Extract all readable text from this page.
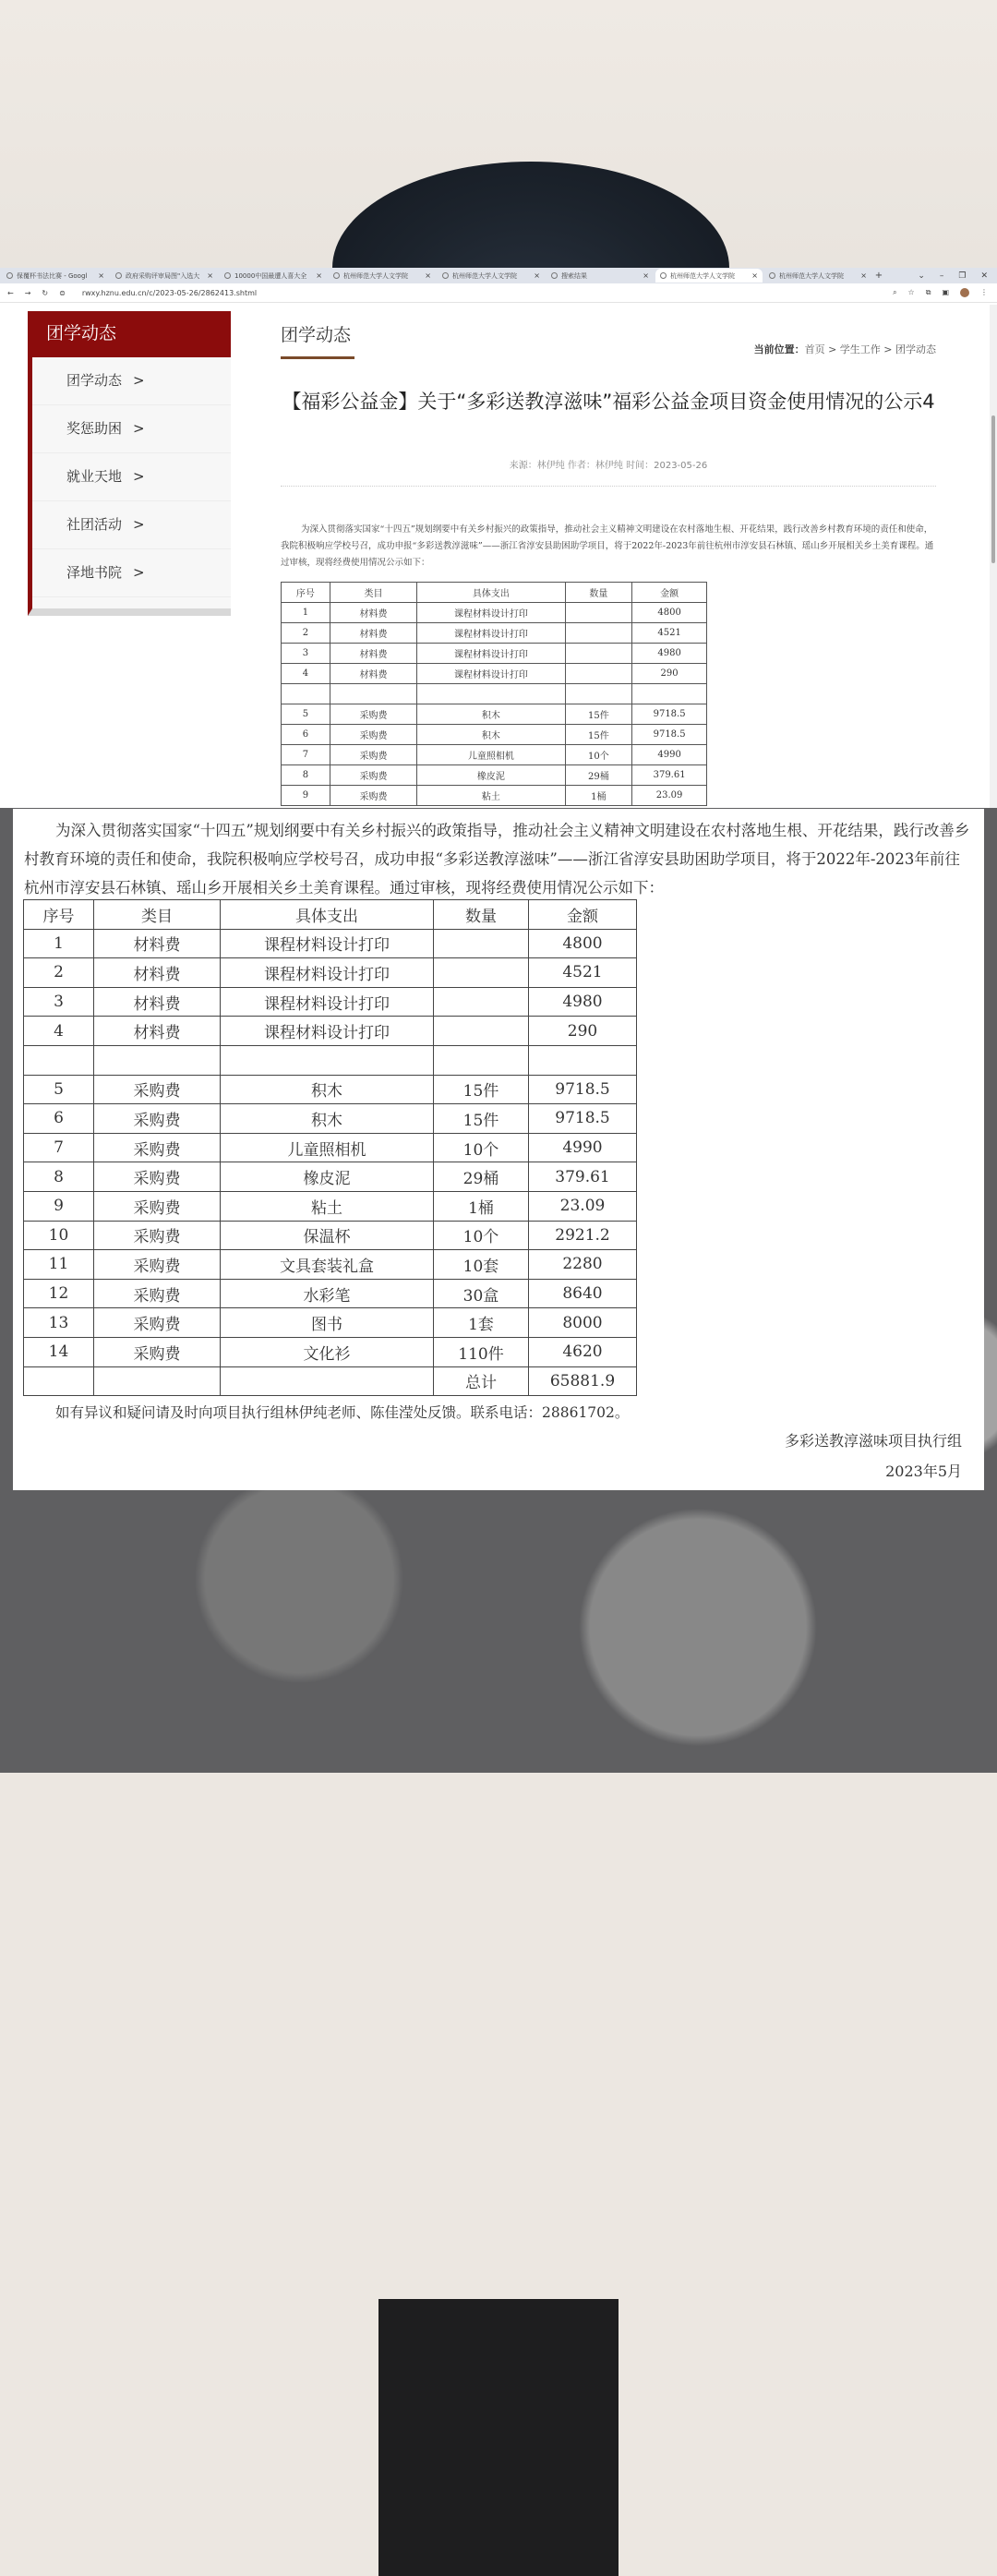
保覆杯书法比赛 - Googl ×	政府采购评审局图"入选大 ×	10000中国最遭人喜大全 ×	杭州师范大学人文学院 ×	杭州师范大学人文学院 ×	搜索结果	×	杭州师范大学人文学院 ×	杭州师范大学人文学院 × +	⌄ – ❐ ✕
← → ↻ ⊜ rwxy.hznu.edu.cn/c/2023-05-26/2862413.shtml	⌕ ☆ ⧉ ▣	⋮
团学动态
团学动态 >
奖惩助困 >
就业天地 >
社团活动 >
泽地书院 >
团学动态
当前位置：首页 > 学生工作 > 团学动态
【福彩公益金】关于“多彩送教淳滋味”福彩公益金项目资金使用情况的公示4
来源：林伊纯 作者：林伊纯 时间：2023-05-26
为深入贯彻落实国家“十四五”规划纲要中有关乡村振兴的政策指导，推动社会主义精神文明建设在农村落地生根、开花结果，践行改善乡村教育环境的责任和使命，我院积极响应学校号召，成功申报“多彩送教淳滋味”——浙江省淳安县助困助学项目，将于2022年-2023年前往杭州市淳安县石林镇、瑶山乡开展相关乡土美育课程。通过审核，现将经费使用情况公示如下：
序号	类目	具体支出	数量	金额
1	材料费	课程材料设计打印		4800
2	材料费	课程材料设计打印		4521
3	材料费	课程材料设计打印		4980
4	材料费	课程材料设计打印		290

5	采购费	积木	15件	9718.5
6	采购费	积木	15件	9718.5
7	采购费	儿童照相机	10个	4990
8	采购费	橡皮泥	29桶	379.61
9	采购费	粘土	1桶	23.09
为深入贯彻落实国家“十四五”规划纲要中有关乡村振兴的政策指导，推动社会主义精神文明建设在农村落地生根、开花结果，践行改善乡村教育环境的责任和使命，我院积极响应学校号召，成功申报“多彩送教淳滋味”——浙江省淳安县助困助学项目，将于2022年-2023年前往杭州市淳安县石林镇、瑶山乡开展相关乡土美育课程。通过审核，现将经费使用情况公示如下：
序号	类目	具体支出	数量	金额
1	材料费	课程材料设计打印		4800
2	材料费	课程材料设计打印		4521
3	材料费	课程材料设计打印		4980
4	材料费	课程材料设计打印		290

5	采购费	积木	15件	9718.5
6	采购费	积木	15件	9718.5
7	采购费	儿童照相机	10个	4990
8	采购费	橡皮泥	29桶	379.61
9	采购费	粘土	1桶	23.09
10	采购费	保温杯	10个	2921.2
11	采购费	文具套装礼盒	10套	2280
12	采购费	水彩笔	30盒	8640
13	采购费	图书	1套	8000
14	采购费	文化衫	110件	4620
			总计	65881.9
如有异议和疑问请及时向项目执行组林伊纯老师、陈佳滢处反馈。联系电话：28861702。
多彩送教淳滋味项目执行组
2023年5月
